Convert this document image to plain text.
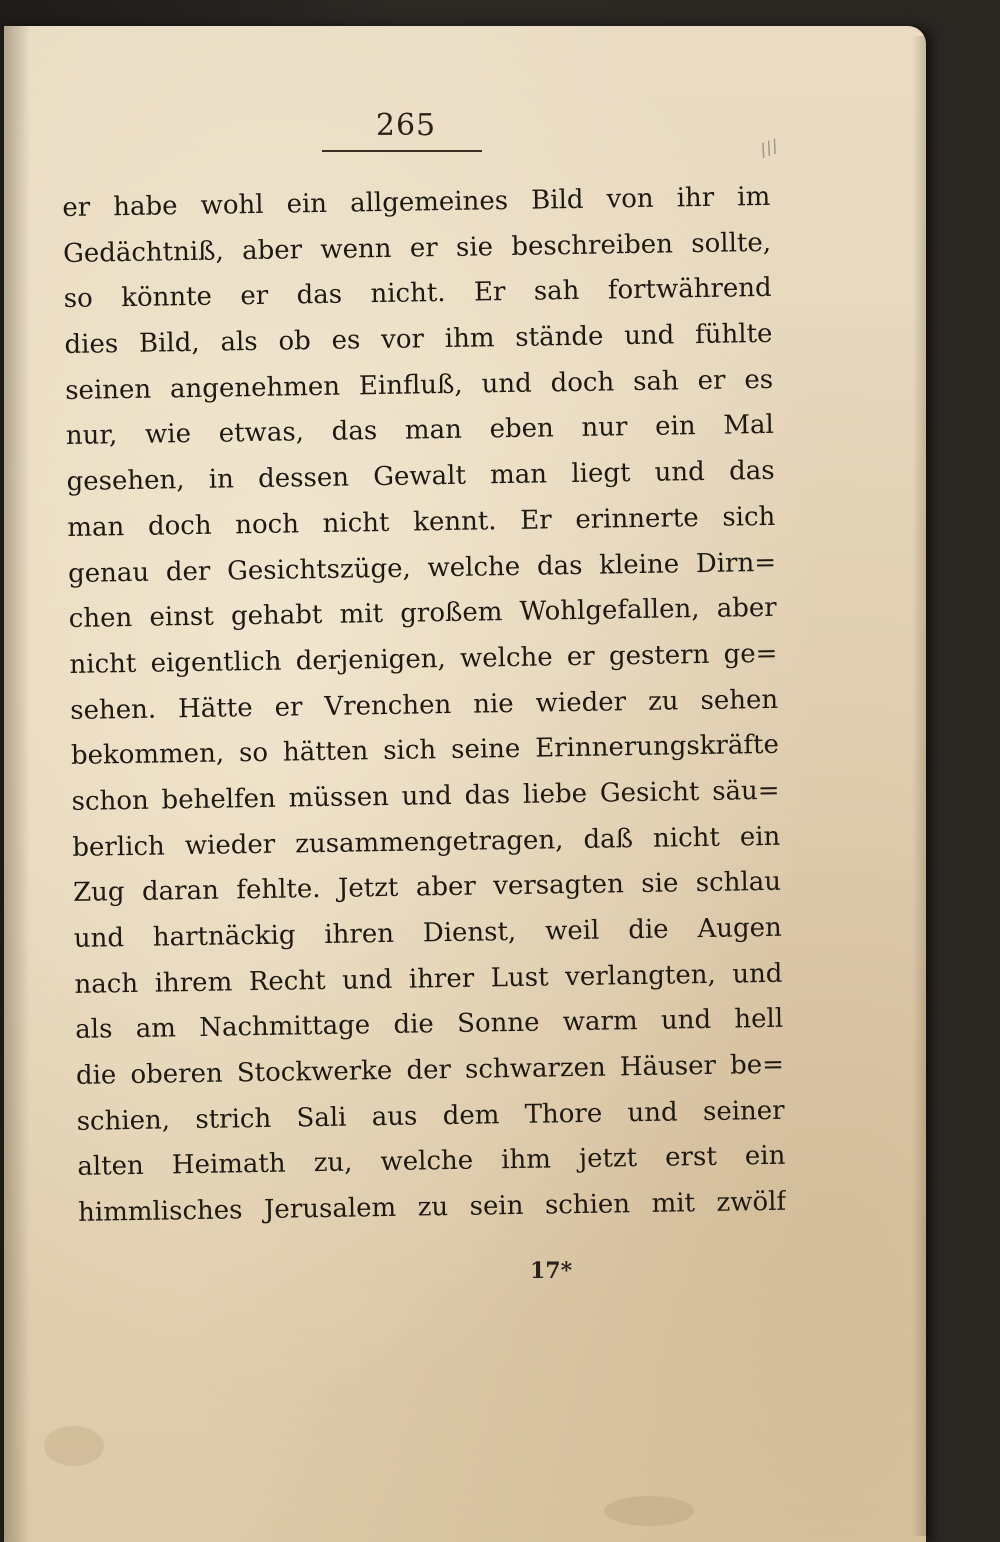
///
265
er habe wohl ein allgemeines Bild von ihr im
Gedächtniß, aber wenn er sie beschreiben sollte,
so könnte er das nicht. Er sah fortwährend
dies Bild, als ob es vor ihm stände und fühlte
seinen angenehmen Einfluß, und doch sah er es
nur, wie etwas, das man eben nur ein Mal
gesehen, in dessen Gewalt man liegt und das
man doch noch nicht kennt. Er erinnerte sich
genau der Gesichtszüge, welche das kleine Dirn=
chen einst gehabt mit großem Wohlgefallen, aber
nicht eigentlich derjenigen, welche er gestern ge=
sehen. Hätte er Vrenchen nie wieder zu sehen
bekommen, so hätten sich seine Erinnerungskräfte
schon behelfen müssen und das liebe Gesicht säu=
berlich wieder zusammengetragen, daß nicht ein
Zug daran fehlte. Jetzt aber versagten sie schlau
und hartnäckig ihren Dienst, weil die Augen
nach ihrem Recht und ihrer Lust verlangten, und
als am Nachmittage die Sonne warm und hell
die oberen Stockwerke der schwarzen Häuser be=
schien, strich Sali aus dem Thore und seiner
alten Heimath zu, welche ihm jetzt erst ein
himmlisches Jerusalem zu sein schien mit zwölf
17*
